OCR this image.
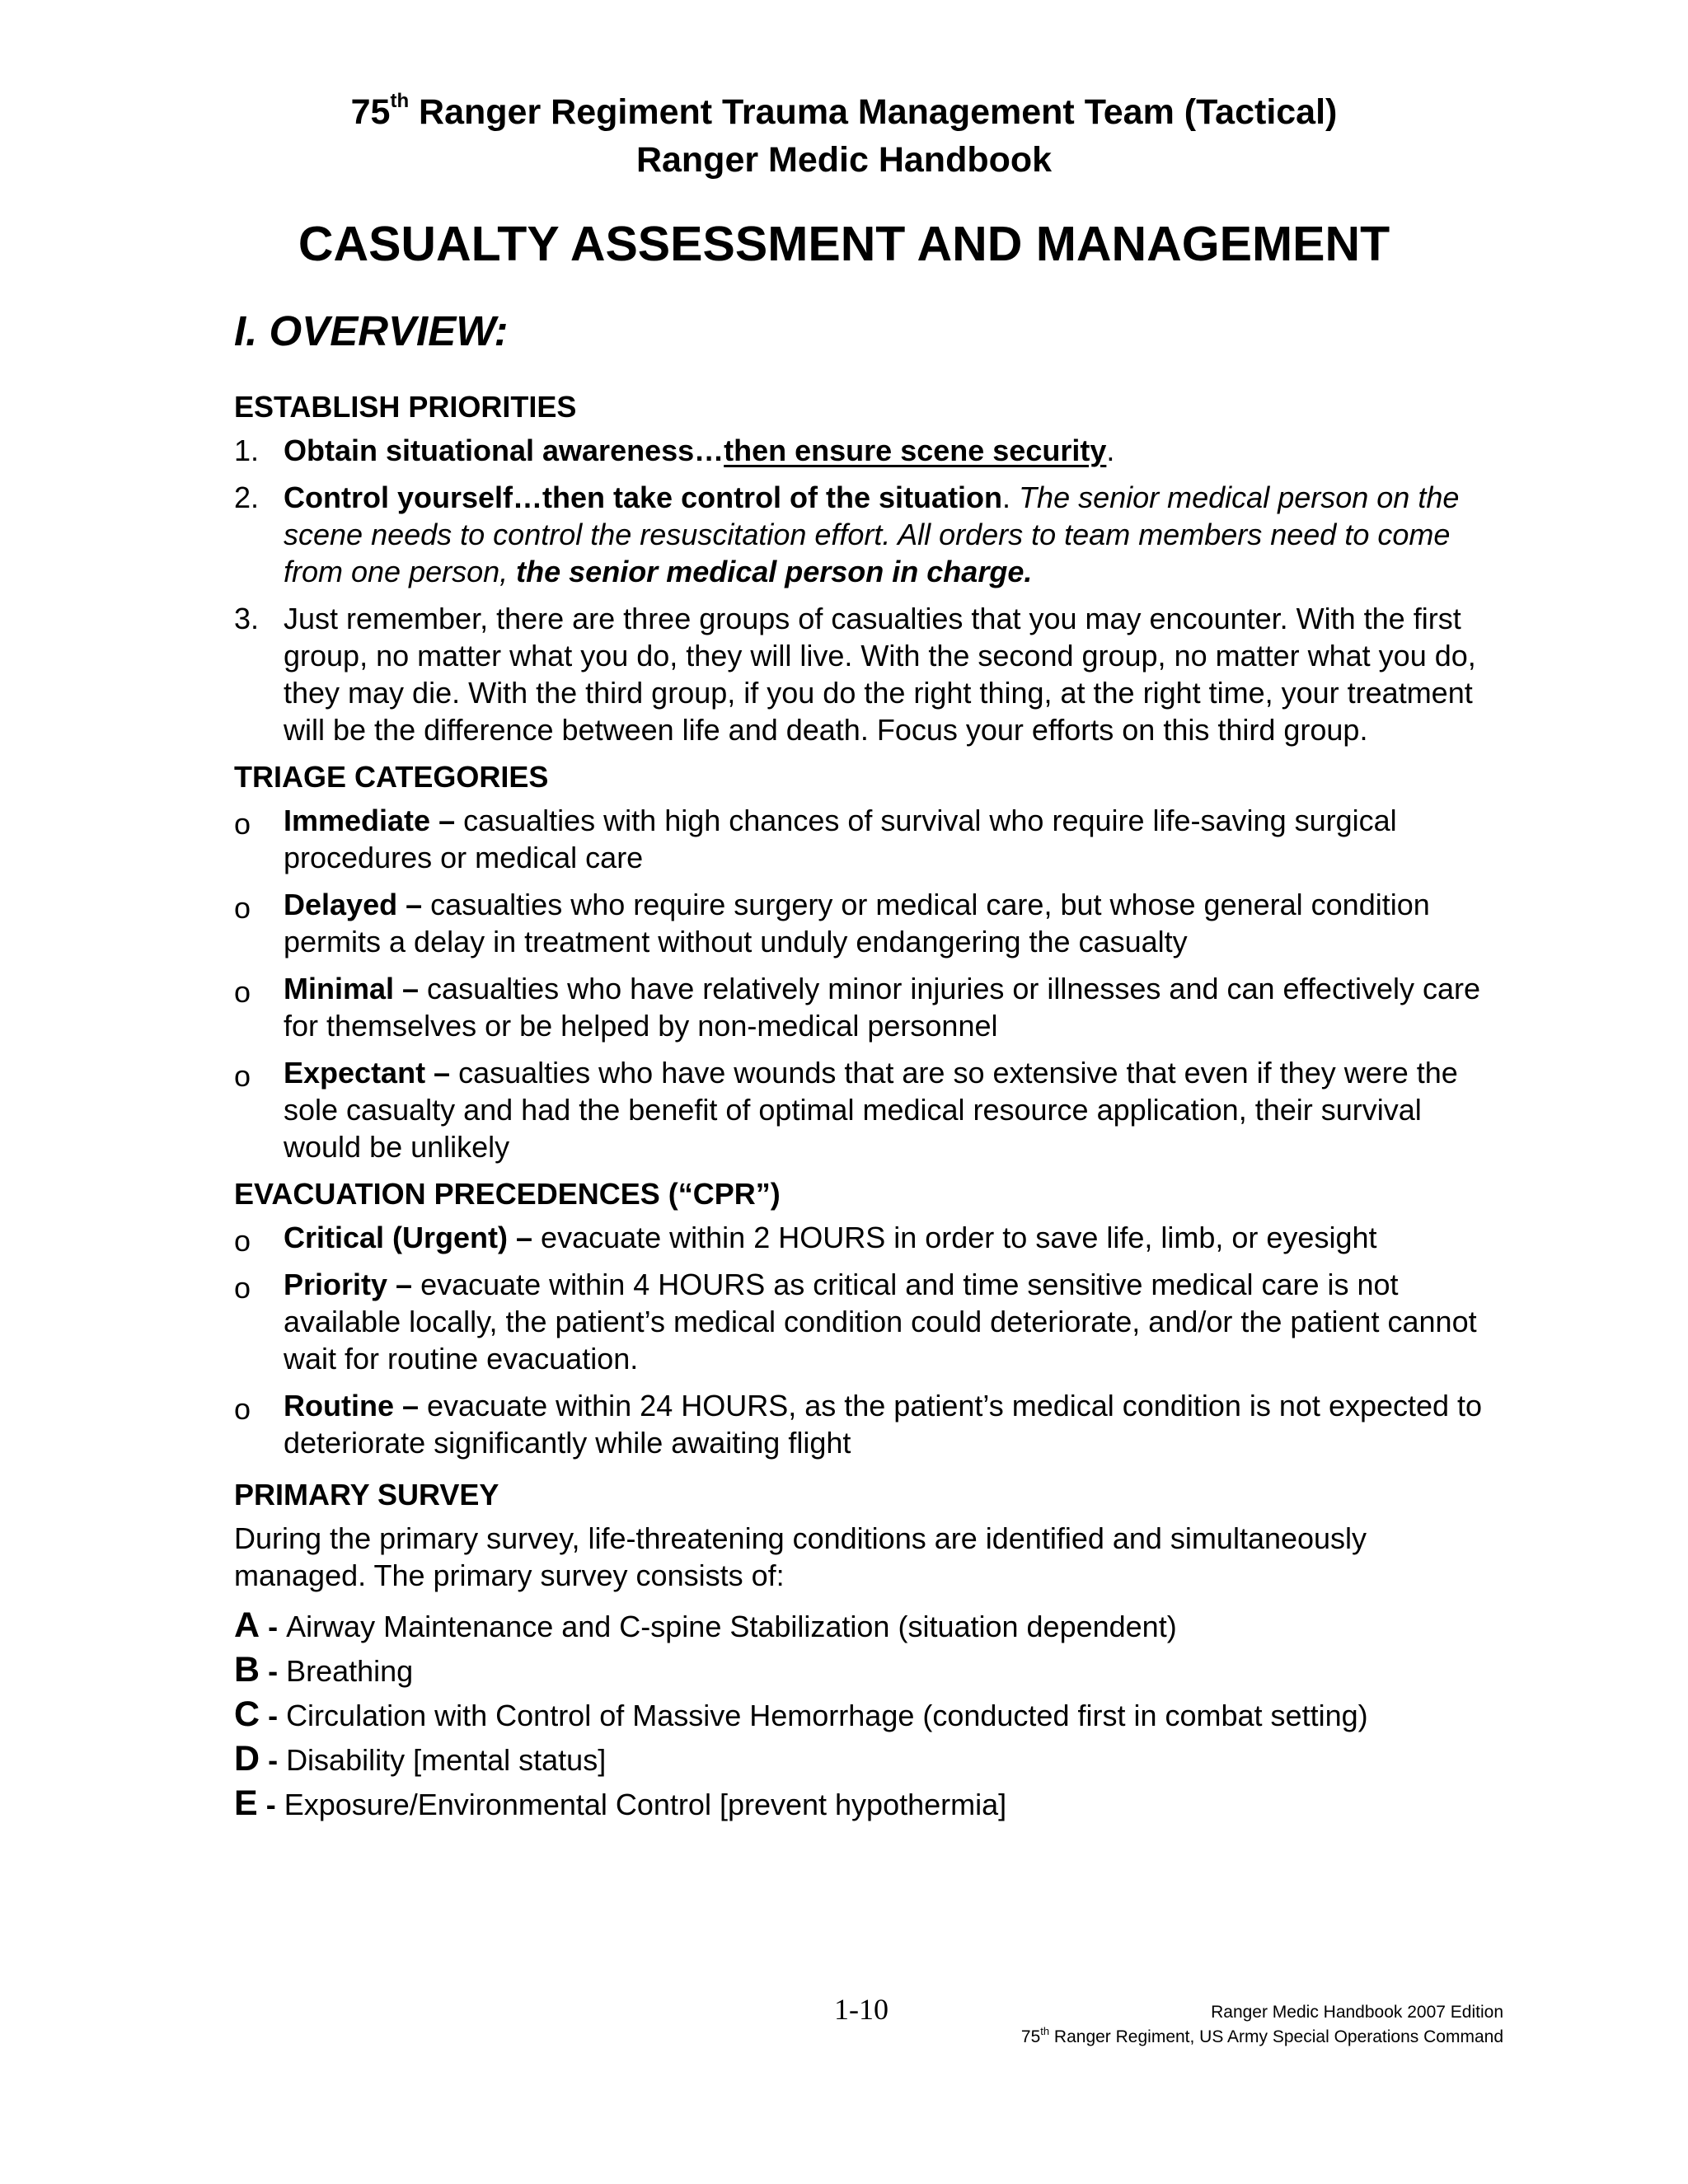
75th Ranger Regiment Trauma Management Team (Tactical)
Ranger Medic Handbook
CASUALTY ASSESSMENT AND MANAGEMENT
I. OVERVIEW:
ESTABLISH PRIORITIES
1. Obtain situational awareness…then ensure scene security.
2. Control yourself…then take control of the situation. The senior medical person on the scene needs to control the resuscitation effort. All orders to team members need to come from one person, the senior medical person in charge.
3. Just remember, there are three groups of casualties that you may encounter. With the first group, no matter what you do, they will live. With the second group, no matter what you do, they may die. With the third group, if you do the right thing, at the right time, your treatment will be the difference between life and death. Focus your efforts on this third group.
TRIAGE CATEGORIES
o Immediate – casualties with high chances of survival who require life-saving surgical procedures or medical care
o Delayed – casualties who require surgery or medical care, but whose general condition permits a delay in treatment without unduly endangering the casualty
o Minimal – casualties who have relatively minor injuries or illnesses and can effectively care for themselves or be helped by non-medical personnel
o Expectant – casualties who have wounds that are so extensive that even if they were the sole casualty and had the benefit of optimal medical resource application, their survival would be unlikely
EVACUATION PRECEDENCES (“CPR”)
o Critical (Urgent) – evacuate within 2 HOURS in order to save life, limb, or eyesight
o Priority – evacuate within 4 HOURS as critical and time sensitive medical care is not available locally, the patient’s medical condition could deteriorate, and/or the patient cannot wait for routine evacuation.
o Routine – evacuate within 24 HOURS, as the patient’s medical condition is not expected to deteriorate significantly while awaiting flight
PRIMARY SURVEY
During the primary survey, life-threatening conditions are identified and simultaneously managed. The primary survey consists of:
A - Airway Maintenance and C-spine Stabilization (situation dependent)
B - Breathing
C - Circulation with Control of Massive Hemorrhage (conducted first in combat setting)
D - Disability [mental status]
E - Exposure/Environmental Control [prevent hypothermia]
1-10	Ranger Medic Handbook 2007 Edition
75th Ranger Regiment, US Army Special Operations Command
